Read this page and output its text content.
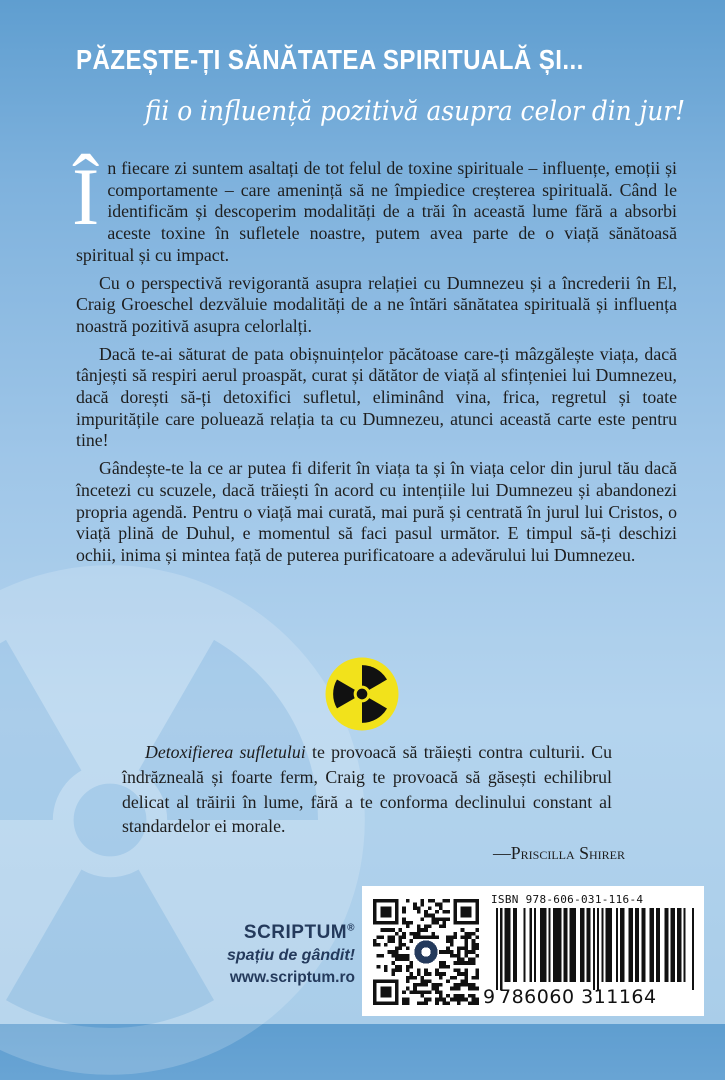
PĂZEȘTE-ȚI SĂNĂTATEA SPIRITUALĂ ȘI...
fii o influență pozitivă asupra celor din jur!

În fiecare zi suntem asaltați de tot felul de toxine spirituale – influențe, emoții și comportamente – care amenință să ne împiedice creșterea spirituală. Când le identificăm și descoperim modalități de a trăi în această lume fără a absorbi aceste toxine în sufletele noastre, putem avea parte de o viață sănătoasă spiritual și cu impact.

Cu o perspectivă revigorantă asupra relației cu Dumnezeu și a încrederii în El, Craig Groeschel dezvăluie modalități de a ne întări sănătatea spirituală și influența noastră pozitivă asupra celorlalți.

Dacă te-ai săturat de pata obișnuințelor păcătoase care-ți mâzgălește viața, dacă tânjești să respiri aerul proaspăt, curat și dătător de viață al sfințeniei lui Dumnezeu, dacă dorești să-ți detoxifici sufletul, eliminând vina, frica, regretul și toate impuritățile care poluează relația ta cu Dumnezeu, atunci această carte este pentru tine!

Gândește-te la ce ar putea fi diferit în viața ta și în viața celor din jurul tău dacă încetezi cu scuzele, dacă trăiești în acord cu intențiile lui Dumnezeu și abandonezi propria agendă. Pentru o viață mai curată, mai pură și centrată în jurul lui Cristos, o viață plină de Duhul, e momentul să faci pasul următor. E timpul să-ți deschizi ochii, inima și mintea față de puterea purificatoare a adevărului lui Dumnezeu.

Detoxifierea sufletului te provoacă să trăiești contra culturii. Cu îndrăzneală și foarte ferm, Craig te provoacă să găsești echilibrul delicat al trăirii în lume, fără a te conforma declinului constant al standardelor ei morale.

—Priscilla Shirer
SCRIPTUM®
spațiu de gândit!
www.scriptum.ro
ISBN 978-606-031-116-4
9 786060 311164
